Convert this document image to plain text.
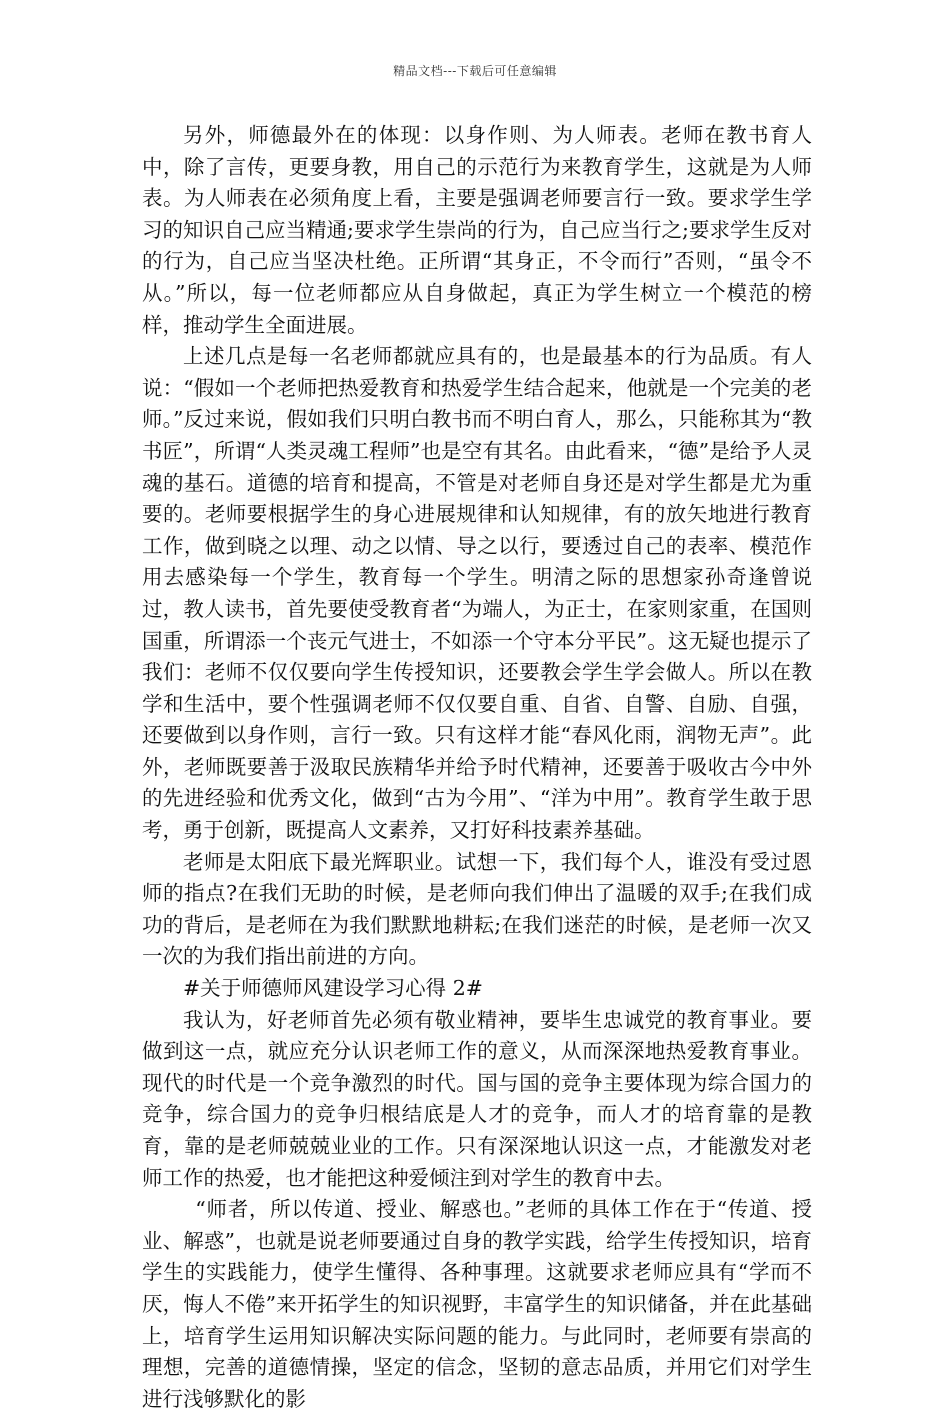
精品文档---下载后可任意编辑

另外，师德最外在的体现：以身作则、为人师表。老师在教书育人中，除了言传，更要身教，用自己的示范行为来教育学生，这就是为人师表。为人师表在必须角度上看，主要是强调老师要言行一致。要求学生学习的知识自己应当精通;要求学生崇尚的行为，自己应当行之;要求学生反对的行为，自己应当坚决杜绝。正所谓“其身正，不令而行”否则，“虽令不从。”所以，每一位老师都应从自身做起，真正为学生树立一个模范的榜样，推动学生全面进展。

上述几点是每一名老师都就应具有的，也是最基本的行为品质。有人说：“假如一个老师把热爱教育和热爱学生结合起来，他就是一个完美的老师。”反过来说，假如我们只明白教书而不明白育人，那么，只能称其为“教书匠”，所谓“人类灵魂工程师”也是空有其名。由此看来，“德”是给予人灵魂的基石。道德的培育和提高，不管是对老师自身还是对学生都是尤为重要的。老师要根据学生的身心进展规律和认知规律，有的放矢地进行教育工作，做到晓之以理、动之以情、导之以行，要透过自己的表率、模范作用去感染每一个学生，教育每一个学生。明清之际的思想家孙奇逢曾说过，教人读书，首先要使受教育者“为端人，为正士，在家则家重，在国则国重，所谓添一个丧元气进士，不如添一个守本分平民”。这无疑也提示了我们：老师不仅仅要向学生传授知识，还要教会学生学会做人。所以在教学和生活中，要个性强调老师不仅仅要自重、自省、自警、自励、自强，还要做到以身作则，言行一致。只有这样才能“春风化雨，润物无声”。此外，老师既要善于汲取民族精华并给予时代精神，还要善于吸收古今中外的先进经验和优秀文化，做到“古为今用”、“洋为中用”。教育学生敢于思考，勇于创新，既提高人文素养，又打好科技素养基础。

老师是太阳底下最光辉职业。试想一下，我们每个人，谁没有受过恩师的指点?在我们无助的时候，是老师向我们伸出了温暖的双手;在我们成功的背后，是老师在为我们默默地耕耘;在我们迷茫的时候，是老师一次又一次的为我们指出前进的方向。

#关于师德师风建设学习心得 2#

我认为，好老师首先必须有敬业精神，要毕生忠诚党的教育事业。要做到这一点，就应充分认识老师工作的意义，从而深深地热爱教育事业。现代的时代是一个竞争激烈的时代。国与国的竞争主要体现为综合国力的竞争，综合国力的竞争归根结底是人才的竞争，而人才的培育靠的是教育，靠的是老师兢兢业业的工作。只有深深地认识这一点，才能激发对老师工作的热爱，也才能把这种爱倾注到对学生的教育中去。

“师者，所以传道、授业、解惑也。”老师的具体工作在于“传道、授业、解惑”，也就是说老师要通过自身的教学实践，给学生传授知识，培育学生的实践能力，使学生懂得、各种事理。这就要求老师应具有“学而不厌，悔人不倦”来开拓学生的知识视野，丰富学生的知识储备，并在此基础上，培育学生运用知识解决实际问题的能力。与此同时，老师要有崇高的理想，完善的道德情操，坚定的信念，坚韧的意志品质，并用它们对学生进行浅够默化的影
